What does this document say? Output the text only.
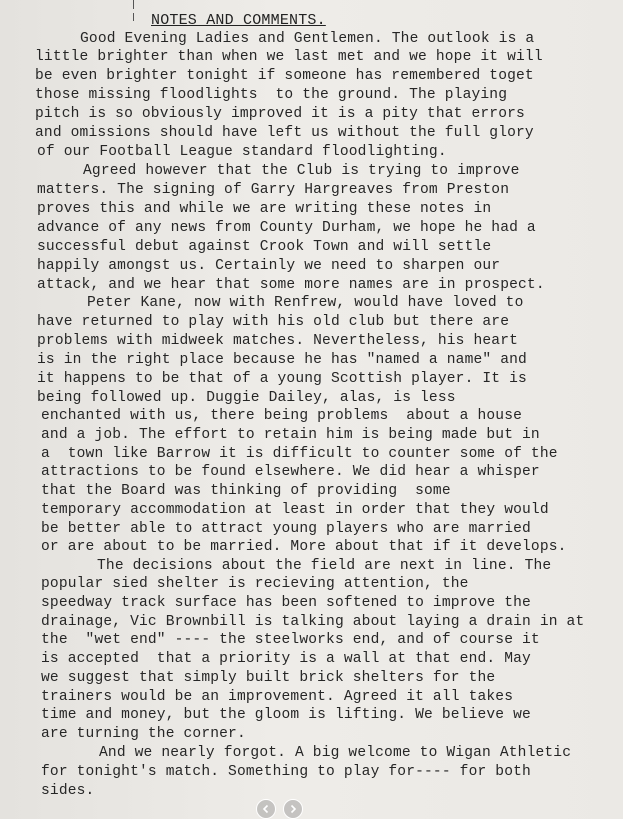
NOTES AND COMMENTS.

Good Evening Ladies and Gentlemen. The outlook is a

little brighter than when we last met and we hope it will

be even brighter tonight if someone has remembered toget

those missing floodlights  to the ground. The playing

pitch is so obviously improved it is a pity that errors

and omissions should have left us without the full glory

of our Football League standard floodlighting.

Agreed however that the Club is trying to improve

matters. The signing of Garry Hargreaves from Preston

proves this and while we are writing these notes in

advance of any news from County Durham, we hope he had a

successful debut against Crook Town and will settle

happily amongst us. Certainly we need to sharpen our

attack, and we hear that some more names are in prospect.

Peter Kane, now with Renfrew, would have loved to

have returned to play with his old club but there are

problems with midweek matches. Nevertheless, his heart

is in the right place because he has "named a name" and

it happens to be that of a young Scottish player. It is

being followed up. Duggie Dailey, alas, is less

enchanted with us, there being problems  about a house

and a job. The effort to retain him is being made but in

a  town like Barrow it is difficult to counter some of the

attractions to be found elsewhere. We did hear a whisper

that the Board was thinking of providing  some

temporary accommodation at least in order that they would

be better able to attract young players who are married

or are about to be married. More about that if it develops.

The decisions about the field are next in line. The

popular sied shelter is recieving attention, the

speedway track surface has been softened to improve the

drainage, Vic Brownbill is talking about laying a drain in at

the  "wet end" ---- the steelworks end, and of course it

is accepted  that a priority is a wall at that end. May

we suggest that simply built brick shelters for the

trainers would be an improvement. Agreed it all takes

time and money, but the gloom is lifting. We believe we

are turning the corner.

And we nearly forgot. A big welcome to Wigan Athletic

for tonight's match. Something to play for---- for both

sides.
